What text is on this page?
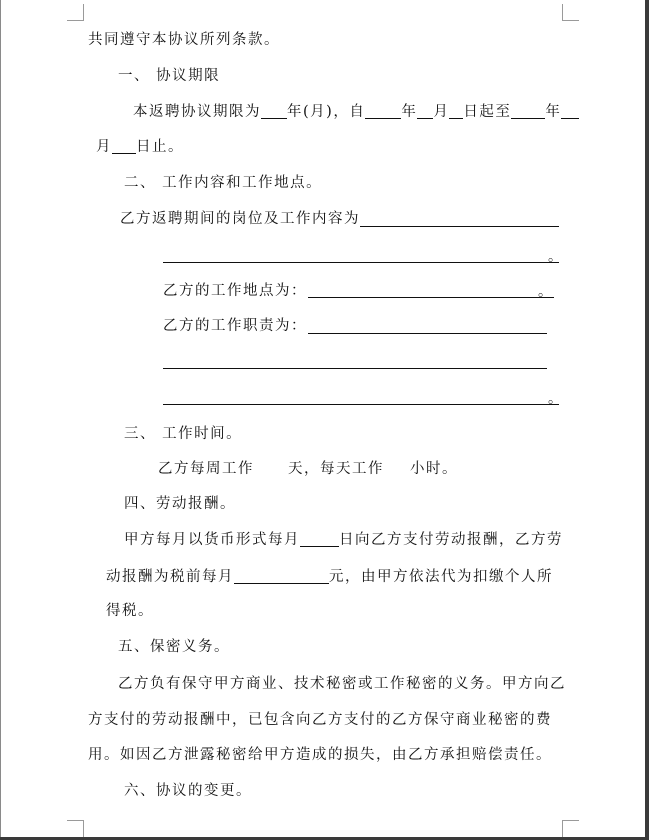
共同遵守本协议所列条款。
一、 协议期限
本返聘协议期限为 年(月)，自 年 月 日起至 年
月 日止。
二、 工作内容和工作地点。
乙方返聘期间的岗位及工作内容为
。
乙方的工作地点为：	。
乙方的工作职责为：
。
三、 工作时间。
乙方每周工作 天，每天工作 小时。
四、劳动报酬。
甲方每月以货币形式每月	日向乙方支付劳动报酬，乙方劳
动报酬为税前每月	元，由甲方依法代为扣缴个人所
得税。
五、保密义务。
乙方负有保守甲方商业、技术秘密或工作秘密的义务。甲方向乙
方支付的劳动报酬中，已包含向乙方支付的乙方保守商业秘密的费
用。如因乙方泄露秘密给甲方造成的损失，由乙方承担赔偿责任。
六、协议的变更。
